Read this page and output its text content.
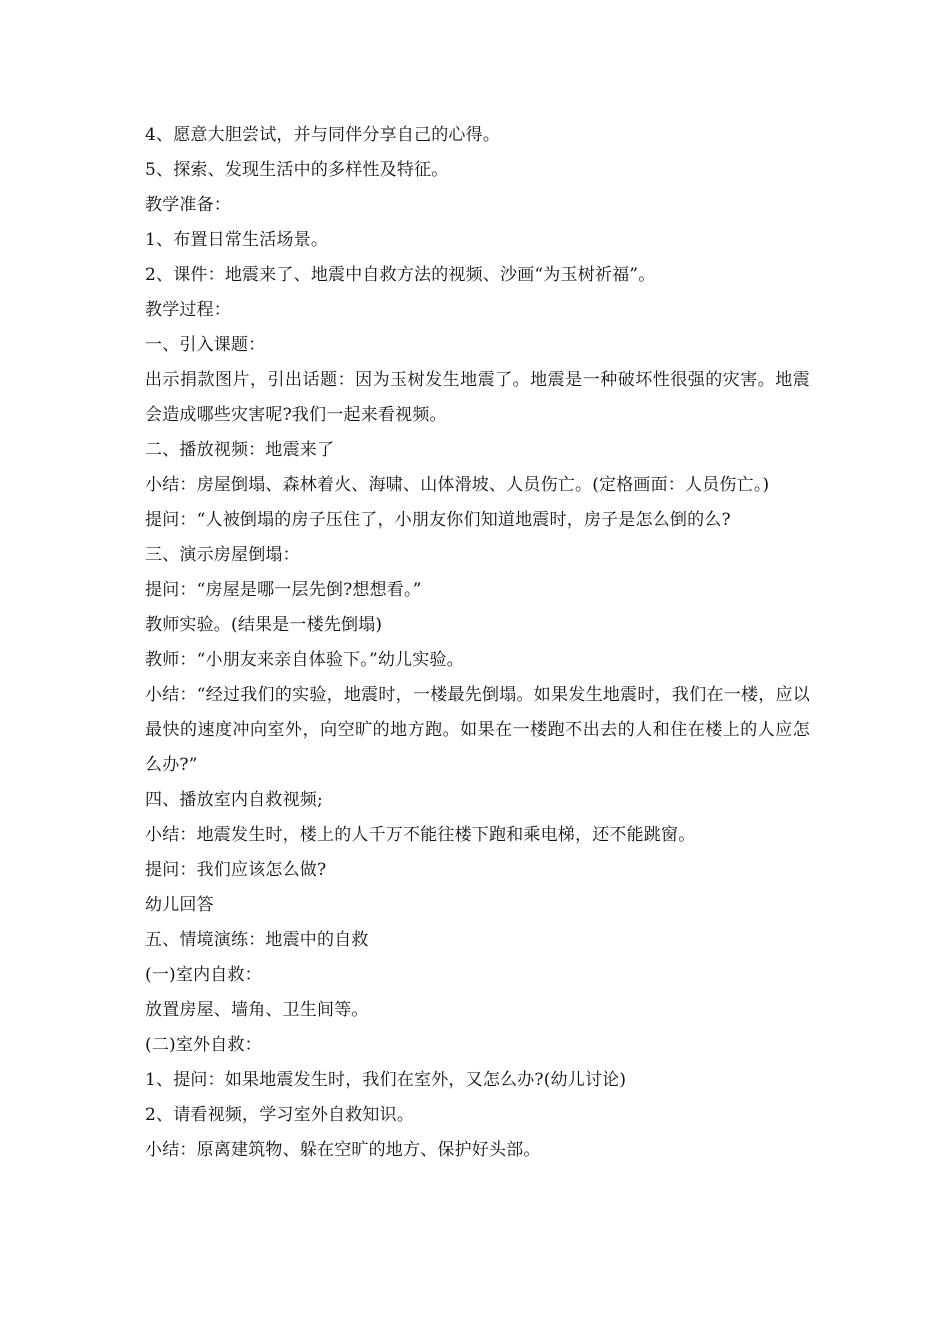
4、愿意大胆尝试，并与同伴分享自己的心得。
5、探索、发现生活中的多样性及特征。
教学准备：
1、布置日常生活场景。
2、课件：地震来了、地震中自救方法的视频、沙画“为玉树祈福”。
教学过程：
一、引入课题：
出示捐款图片，引出话题：因为玉树发生地震了。地震是一种破坏性很强的灾害。地震会造成哪些灾害呢?我们一起来看视频。
二、播放视频：地震来了
小结：房屋倒塌、森林着火、海啸、山体滑坡、人员伤亡。(定格画面：人员伤亡。)
提问：“人被倒塌的房子压住了，小朋友你们知道地震时，房子是怎么倒的么?
三、演示房屋倒塌：
提问：“房屋是哪一层先倒?想想看。”
教师实验。(结果是一楼先倒塌)
教师：“小朋友来亲自体验下。”幼儿实验。
小结：“经过我们的实验，地震时，一楼最先倒塌。如果发生地震时，我们在一楼，应以最快的速度冲向室外，向空旷的地方跑。如果在一楼跑不出去的人和住在楼上的人应怎么办?”
四、播放室内自救视频;
小结：地震发生时，楼上的人千万不能往楼下跑和乘电梯，还不能跳窗。
提问：我们应该怎么做?
幼儿回答
五、情境演练：地震中的自救
(一)室内自救：
放置房屋、墙角、卫生间等。
(二)室外自救：
1、提问：如果地震发生时，我们在室外，又怎么办?(幼儿讨论)
2、请看视频，学习室外自救知识。
小结：原离建筑物、躲在空旷的地方、保护好头部。
